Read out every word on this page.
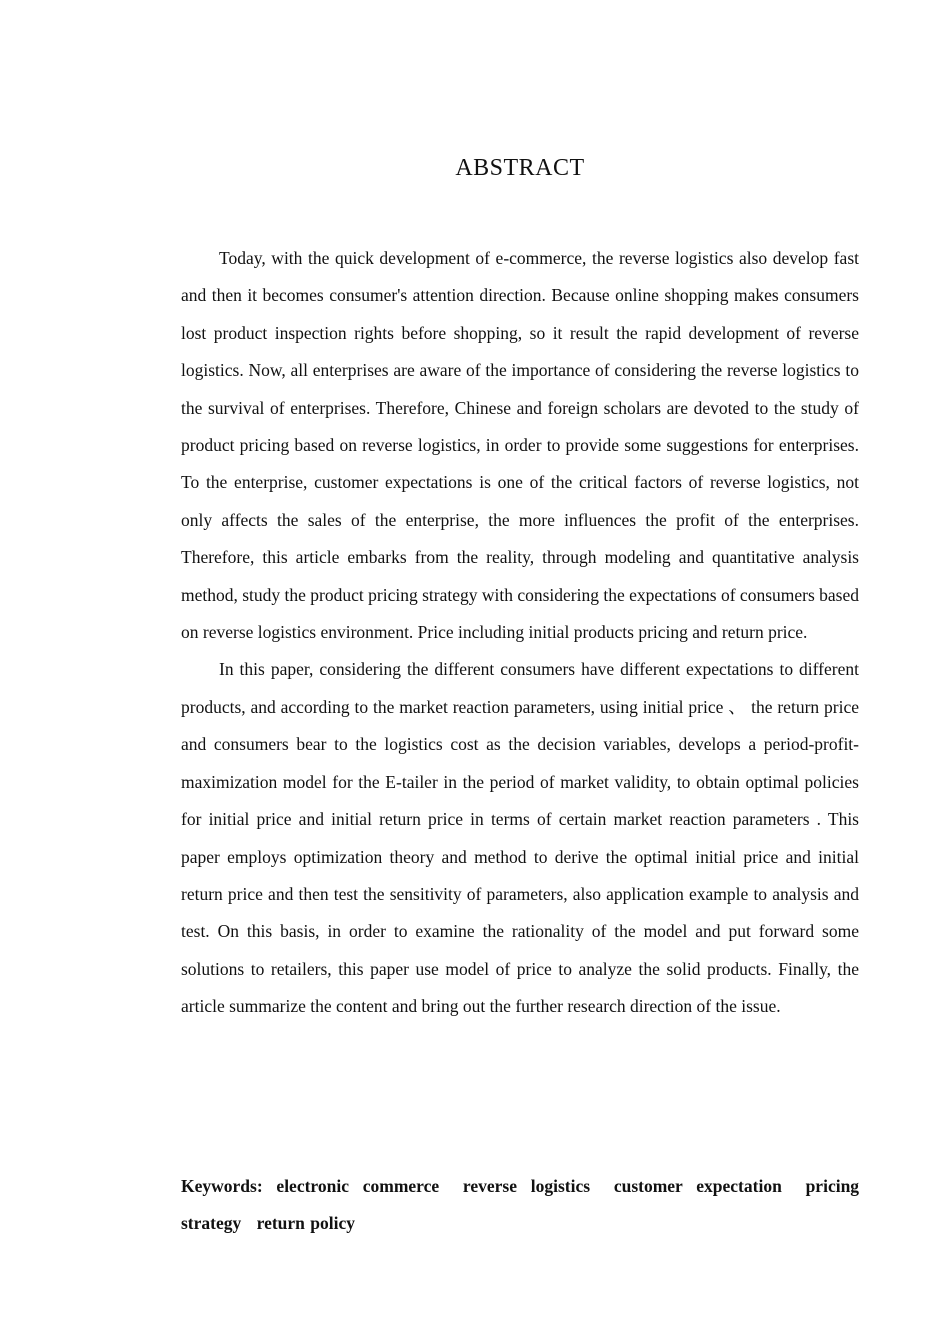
ABSTRACT

Today, with the quick development of e-commerce, the reverse logistics also develop fast and then it becomes consumer's attention direction. Because online shopping makes consumers lost product inspection rights before shopping, so it result the rapid development of reverse logistics. Now, all enterprises are aware of the importance of considering the reverse logistics to the survival of enterprises. Therefore, Chinese and foreign scholars are devoted to the study of product pricing based on reverse logistics, in order to provide some suggestions for enterprises. To the enterprise, customer expectations is one of the critical factors of reverse logistics, not only affects the sales of the enterprise, the more influences the profit of the enterprises. Therefore, this article embarks from the reality, through modeling and quantitative analysis method, study the product pricing strategy with considering the expectations of consumers based on reverse logistics environment. Price including initial products pricing and return price.

In this paper, considering the different consumers have different expectations to different products, and according to the market reaction parameters, using initial price 、 the return price and consumers bear to the logistics cost as the decision variables, develops a period-profit-maximization model for the E-tailer in the period of market validity, to obtain optimal policies for initial price and initial return price in terms of certain market reaction parameters . This paper employs optimization theory and method to derive the optimal initial price and initial return price and then test the sensitivity of parameters, also application example to analysis and test. On this basis, in order to examine the rationality of the model and put forward some solutions to retailers, this paper use model of price to analyze the solid products. Finally, the article summarize the content and bring out the further research direction of the issue.

Keywords: electronic commerce reverse logistics customer expectation pricing strategy return policy
